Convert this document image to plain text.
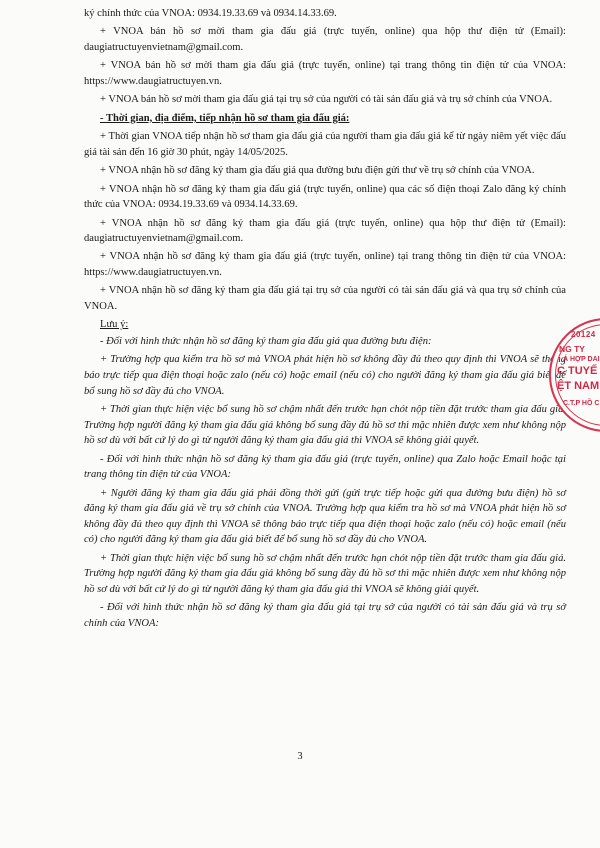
ký chính thức của VNOA: 0934.19.33.69 và 0934.14.33.69.

+ VNOA bán hồ sơ mời tham gia đấu giá (trực tuyến, online) qua hộp thư điện tử (Email): daugiatructuyenvietnam@gmail.com.

+ VNOA bán hồ sơ mời tham gia đấu giá (trực tuyến, online) tại trang thông tin điện tử của VNOA: https://www.daugiatructuyen.vn.

+ VNOA bán hồ sơ mời tham gia đấu giá tại trụ sở của người có tài sản đấu giá và trụ sở chính của VNOA.

- Thời gian, địa điểm, tiếp nhận hồ sơ tham gia đấu giá:

+ Thời gian VNOA tiếp nhận hồ sơ tham gia đấu giá của người tham gia đấu giá kể từ ngày niêm yết việc đấu giá tài sản đến 16 giờ 30 phút, ngày 14/05/2025.

+ VNOA nhận hồ sơ đăng ký tham gia đấu giá qua đường bưu điện gửi thư về trụ sở chính của VNOA.

+ VNOA nhận hồ sơ đăng ký tham gia đấu giá (trực tuyến, online) qua các số điện thoại Zalo đăng ký chính thức của VNOA: 0934.19.33.69 và 0934.14.33.69.

+ VNOA nhận hồ sơ đăng ký tham gia đấu giá (trực tuyến, online) qua hộp thư điện tử (Email): daugiatructuyenvietnam@gmail.com.

+ VNOA nhận hồ sơ đăng ký tham gia đấu giá (trực tuyến, online) tại trang thông tin điện tử của VNOA: https://www.daugiatructuyen.vn.

+ VNOA nhận hồ sơ đăng ký tham gia đấu giá tại trụ sở của người có tài sản đấu giá và qua trụ sở chính của VNOA.

Lưu ý:

- Đối với hình thức nhận hồ sơ đăng ký tham gia đấu giá qua đường bưu điện:

+ Trường hợp qua kiểm tra hồ sơ mà VNOA phát hiện hồ sơ không đầy đủ theo quy định thì VNOA sẽ thông báo trực tiếp qua điện thoại hoặc zalo (nếu có) hoặc email (nếu có) cho người đăng ký tham gia đấu giá biết để bổ sung hồ sơ đầy đủ cho VNOA.

+ Thời gian thực hiện việc bổ sung hồ sơ chậm nhất đến trước hạn chót nộp tiền đặt trước tham gia đấu giá. Trường hợp người đăng ký tham gia đấu giá không bổ sung đầy đủ hồ sơ thì mặc nhiên được xem như không nộp hồ sơ dù với bất cứ lý do gì từ người đăng ký tham gia đấu giá thì VNOA sẽ không giải quyết.

- Đối với hình thức nhận hồ sơ đăng ký tham gia đấu giá (trực tuyến, online) qua Zalo hoặc Email hoặc tại trang thông tin điện tử của VNOA:

+ Người đăng ký tham gia đấu giá phải đồng thời gửi (gửi trực tiếp hoặc gửi qua đường bưu điện) hồ sơ đăng ký tham gia đấu giá về trụ sở chính của VNOA. Trường hợp qua kiểm tra hồ sơ mà VNOA phát hiện hồ sơ không đầy đủ theo quy định thì VNOA sẽ thông báo trực tiếp qua điện thoại hoặc zalo (nếu có) hoặc email (nếu có) cho người đăng ký tham gia đấu giá biết để bổ sung hồ sơ đầy đủ cho VNOA.

+ Thời gian thực hiện việc bổ sung hồ sơ chậm nhất đến trước hạn chót nộp tiền đặt trước tham gia đấu giá. Trường hợp người đăng ký tham gia đấu giá không bổ sung đầy đủ hồ sơ thì mặc nhiên được xem như không nộp hồ sơ dù với bất cứ lý do gì từ người đăng ký tham gia đấu giá thì VNOA sẽ không giải quyết.

- Đối với hình thức nhận hồ sơ đăng ký tham gia đấu giá tại trụ sở của người có tài sản đấu giá và trụ sở chính của VNOA:

3
20124
NG TY
Á HỢP DAI
C TUYẾ
ỆT NAM
C.T.P HỒ C
